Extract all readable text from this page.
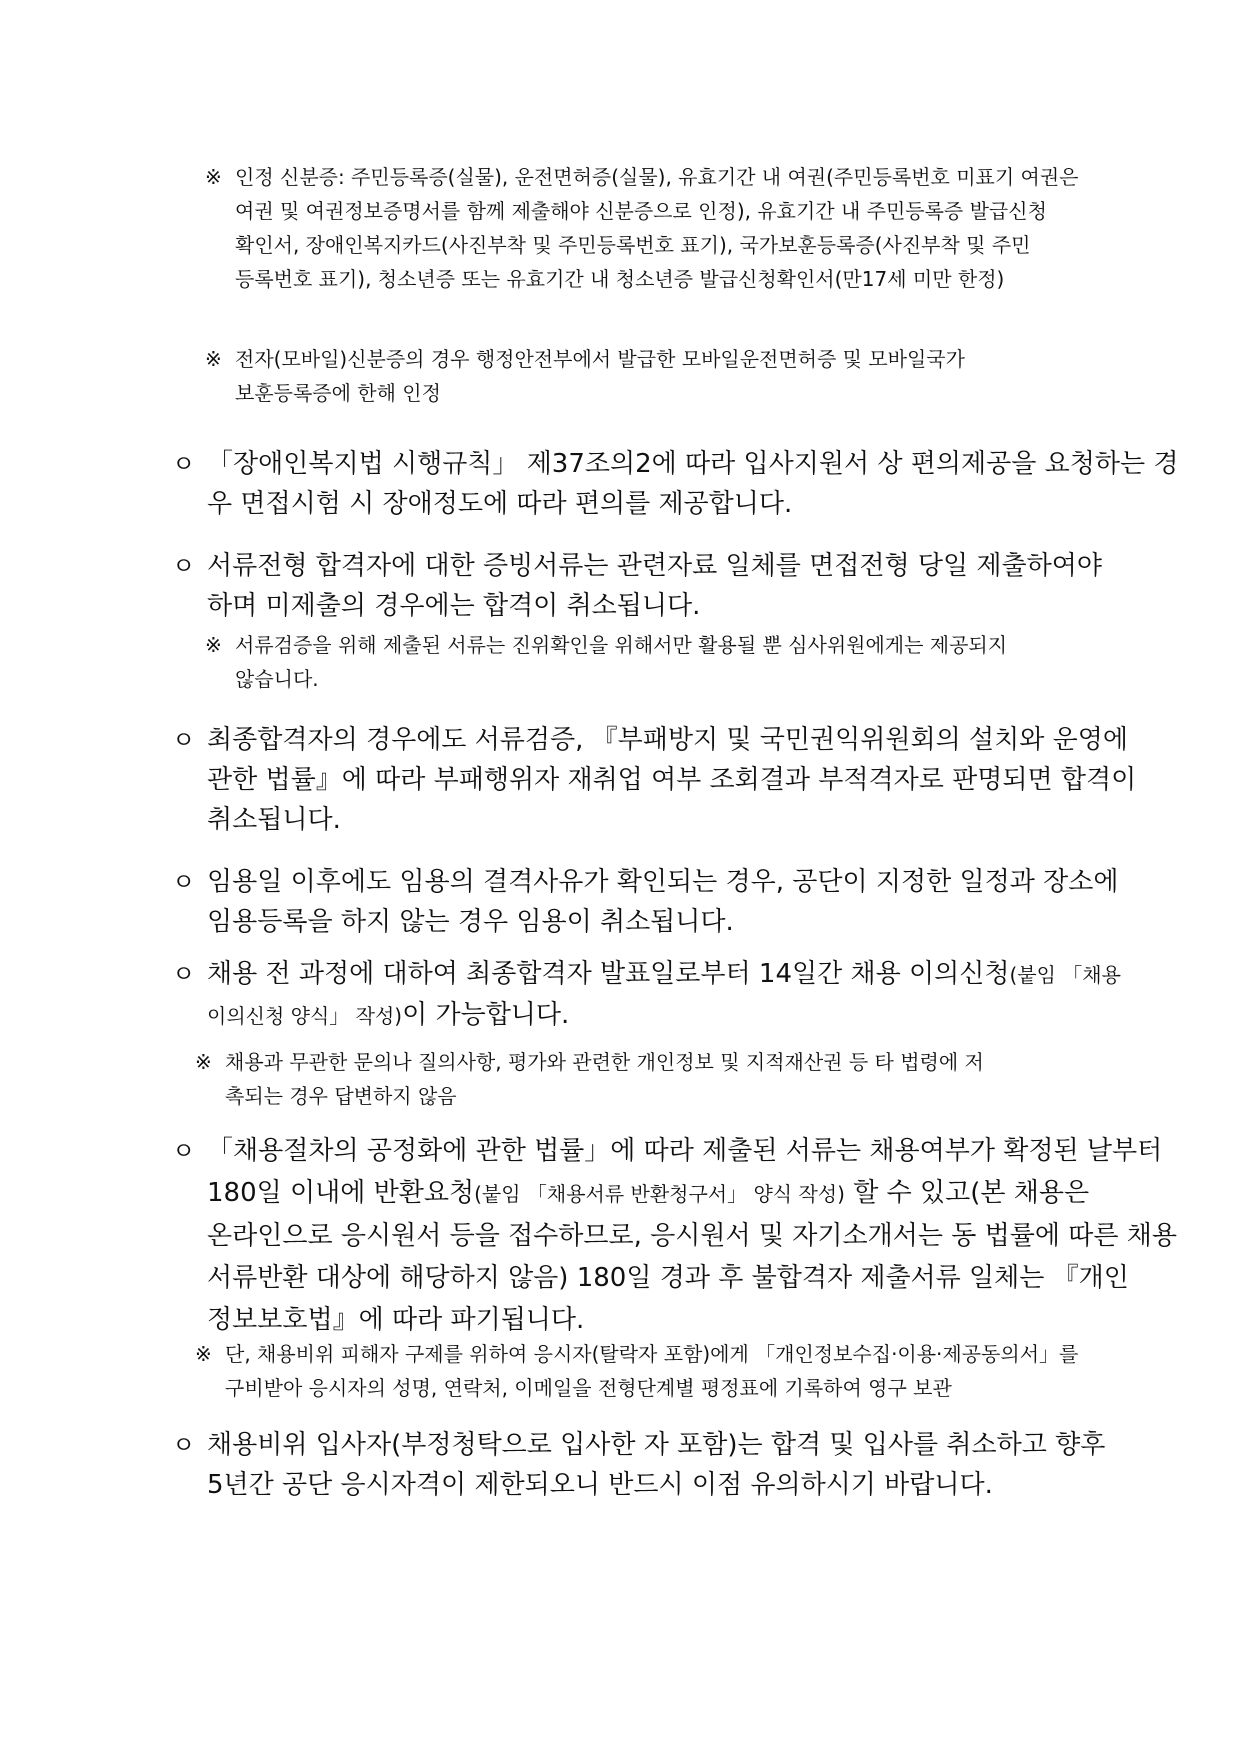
※ 인정 신분증: 주민등록증(실물), 운전면허증(실물), 유효기간 내 여권(주민등록번호 미표기 여권은
여권 및 여권정보증명서를 함께 제출해야 신분증으로 인정), 유효기간 내 주민등록증 발급신청
확인서, 장애인복지카드(사진부착 및 주민등록번호 표기), 국가보훈등록증(사진부착 및 주민
등록번호 표기), 청소년증 또는 유효기간 내 청소년증 발급신청확인서(만17세 미만 한정)
※ 전자(모바일)신분증의 경우 행정안전부에서 발급한 모바일운전면허증 및 모바일국가
보훈등록증에 한해 인정
ㅇ 「장애인복지법 시행규칙」 제37조의2에 따라 입사지원서 상 편의제공을 요청하는 경
우 면접시험 시 장애정도에 따라 편의를 제공합니다.
ㅇ 서류전형 합격자에 대한 증빙서류는 관련자료 일체를 면접전형 당일 제출하여야
하며 미제출의 경우에는 합격이 취소됩니다.
※ 서류검증을 위해 제출된 서류는 진위확인을 위해서만 활용될 뿐 심사위원에게는 제공되지
않습니다.
ㅇ 최종합격자의 경우에도 서류검증, 『부패방지 및 국민권익위원회의 설치와 운영에
관한 법률』에 따라 부패행위자 재취업 여부 조회결과 부적격자로 판명되면 합격이
취소됩니다.
ㅇ 임용일 이후에도 임용의 결격사유가 확인되는 경우, 공단이 지정한 일정과 장소에
임용등록을 하지 않는 경우 임용이 취소됩니다.
ㅇ 채용 전 과정에 대하여 최종합격자 발표일로부터 14일간 채용 이의신청(붙임 「채용
이의신청 양식」 작성)이 가능합니다.
※ 채용과 무관한 문의나 질의사항, 평가와 관련한 개인정보 및 지적재산권 등 타 법령에 저
촉되는 경우 답변하지 않음
ㅇ 「채용절차의 공정화에 관한 법률」에 따라 제출된 서류는 채용여부가 확정된 날부터
180일 이내에 반환요청(붙임 「채용서류 반환청구서」 양식 작성) 할 수 있고(본 채용은
온라인으로 응시원서 등을 접수하므로, 응시원서 및 자기소개서는 동 법률에 따른 채용
서류반환 대상에 해당하지 않음) 180일 경과 후 불합격자 제출서류 일체는 『개인
정보보호법』에 따라 파기됩니다.
※ 단, 채용비위 피해자 구제를 위하여 응시자(탈락자 포함)에게 「개인정보수집·이용·제공동의서」를
구비받아 응시자의 성명, 연락처, 이메일을 전형단계별 평정표에 기록하여 영구 보관
ㅇ 채용비위 입사자(부정청탁으로 입사한 자 포함)는 합격 및 입사를 취소하고 향후
5년간 공단 응시자격이 제한되오니 반드시 이점 유의하시기 바랍니다.
